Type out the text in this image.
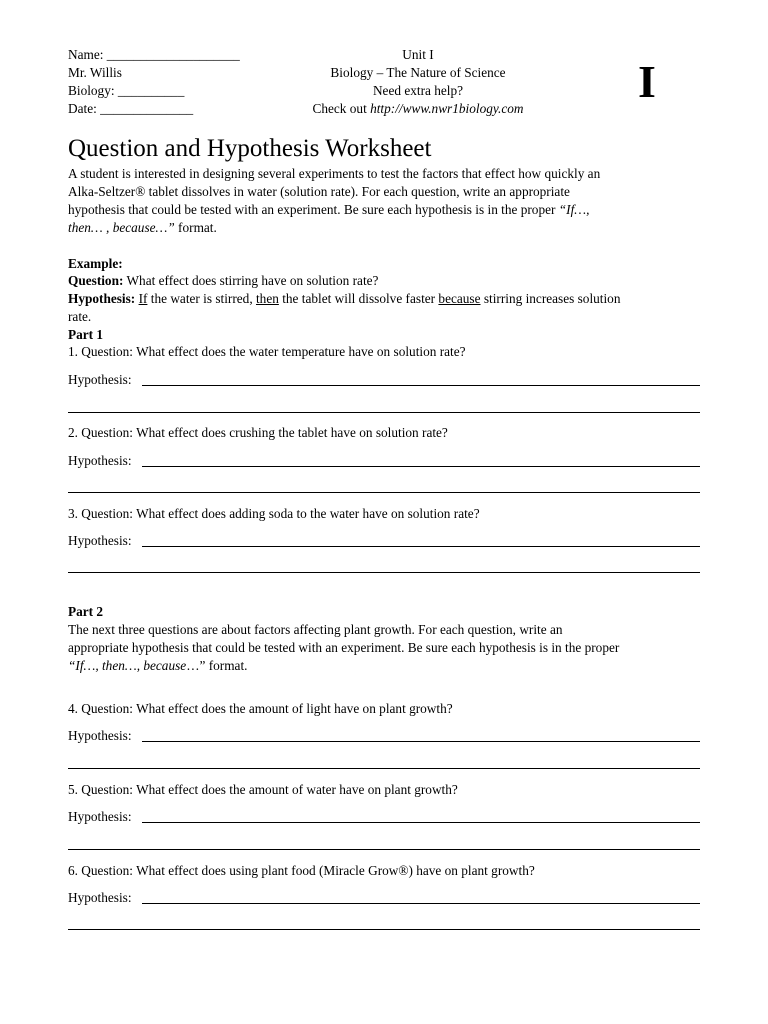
Name: ____________________
Mr. Willis
Biology: __________
Date: ______________
Unit I
Biology – The Nature of Science
Need extra help?
Check out http://www.nwr1biology.com
I
Question and Hypothesis Worksheet
A student is interested in designing several experiments to test the factors that effect how quickly an
Alka-Seltzer® tablet dissolves in water (solution rate). For each question, write an appropriate
hypothesis that could be tested with an experiment. Be sure each hypothesis is in the proper “If…,
then… , because…” format.
Example:
Question: What effect does stirring have on solution rate?
Hypothesis: If the water is stirred, then the tablet will dissolve faster because stirring increases solution
rate.
Part 1
1. Question: What effect does the water temperature have on solution rate?
Hypothesis:
2. Question: What effect does crushing the tablet have on solution rate?
Hypothesis:
3. Question: What effect does adding soda to the water have on solution rate?
Hypothesis:
Part 2
The next three questions are about factors affecting plant growth. For each question, write an
appropriate hypothesis that could be tested with an experiment. Be sure each hypothesis is in the proper
“If…, then…, because…” format.
4. Question: What effect does the amount of light have on plant growth?
Hypothesis:
5. Question: What effect does the amount of water have on plant growth?
Hypothesis:
6. Question: What effect does using plant food (Miracle Grow®) have on plant growth?
Hypothesis:
